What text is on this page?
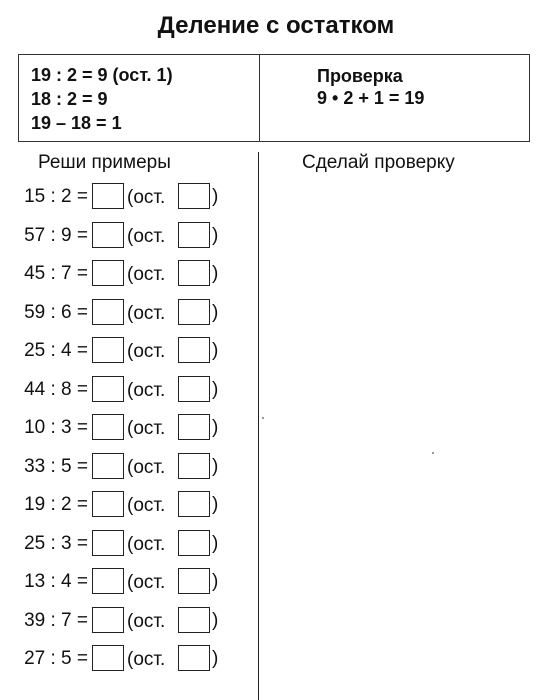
Деление с остатком
19 : 2 = 9 (ост. 1)
18 : 2 = 9
19 – 18 = 1
Проверка
9 • 2 + 1 = 19
Реши примеры	Сделай проверку
15 : 2 = (ост. )
57 : 9 = (ост. )
45 : 7 = (ост. )
59 : 6 = (ост. )
25 : 4 = (ост. )
44 : 8 = (ост. )
10 : 3 = (ост. )
33 : 5 = (ост. )
19 : 2 = (ост. )
25 : 3 = (ост. )
13 : 4 = (ост. )
39 : 7 = (ост. )
27 : 5 = (ост. )
